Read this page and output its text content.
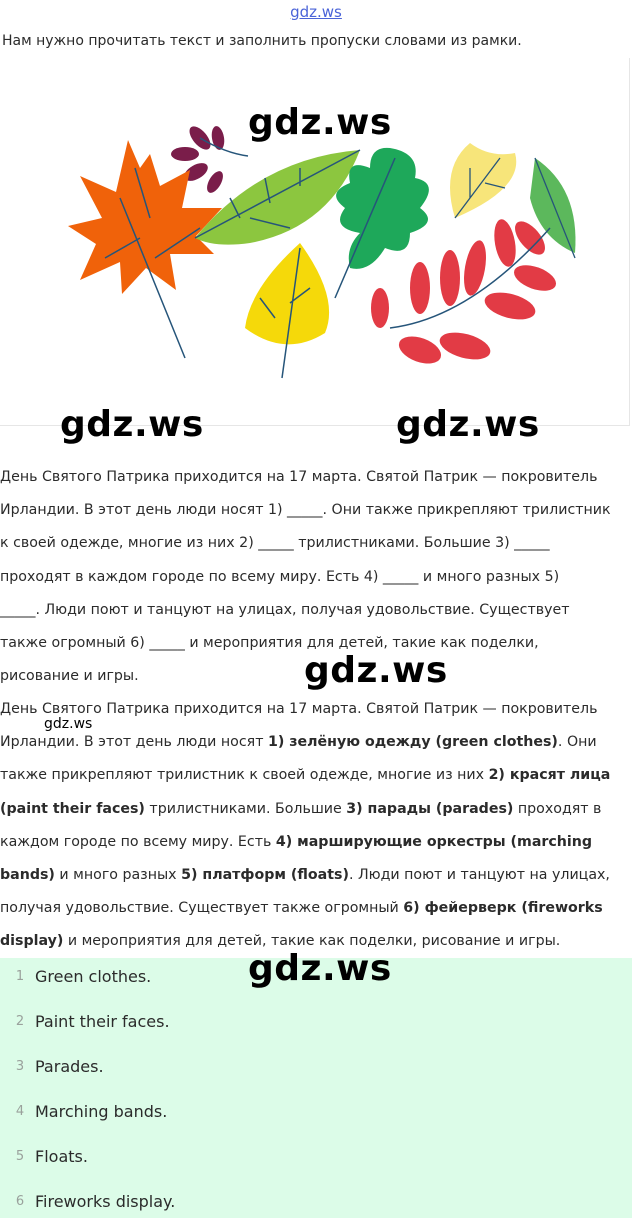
gdz.ws
Нам нужно прочитать текст и заполнить пропуски словами из рамки.
gdz.ws
gdz.ws	gdz.ws
День Святого Патрика приходится на 17 марта. Святой Патрик — покровитель
Ирландии. В этот день люди носят 1) _____. Они также прикрепляют трилистник
к своей одежде, многие из них 2) _____ трилистниками. Большие 3) _____
проходят в каждом городе по всему миру. Есть 4) _____ и много разных 5)
_____. Люди поют и танцуют на улицах, получая удовольствие. Существует
также огромный 6) _____ и мероприятия для детей, такие как поделки,
рисование и игры.	gdz.ws
День Святого Патрика приходится на 17 марта. Святой Патрик — покровитель Ирландии. В этот день люди носят 1) зелёную одежду (green clothes). Они также прикрепляют трилистник к своей одежде, многие из них 2) красят лица (paint their faces) трилистниками. Большие 3) парады (parades) проходят в каждом городе по всему миру. Есть 4) марширующие оркестры (marching bands) и много разных 5) платформ (floats). Люди поют и танцуют на улицах, получая удовольствие. Существует также огромный 6) фейерверк (fireworks display) и мероприятия для детей, такие как поделки, рисование и игры.
gdz.ws
1 Green clothes.
2 Paint their faces.
3 Parades.
4 Marching bands.
5 Floats.
6 Fireworks display.
gdz.ws
